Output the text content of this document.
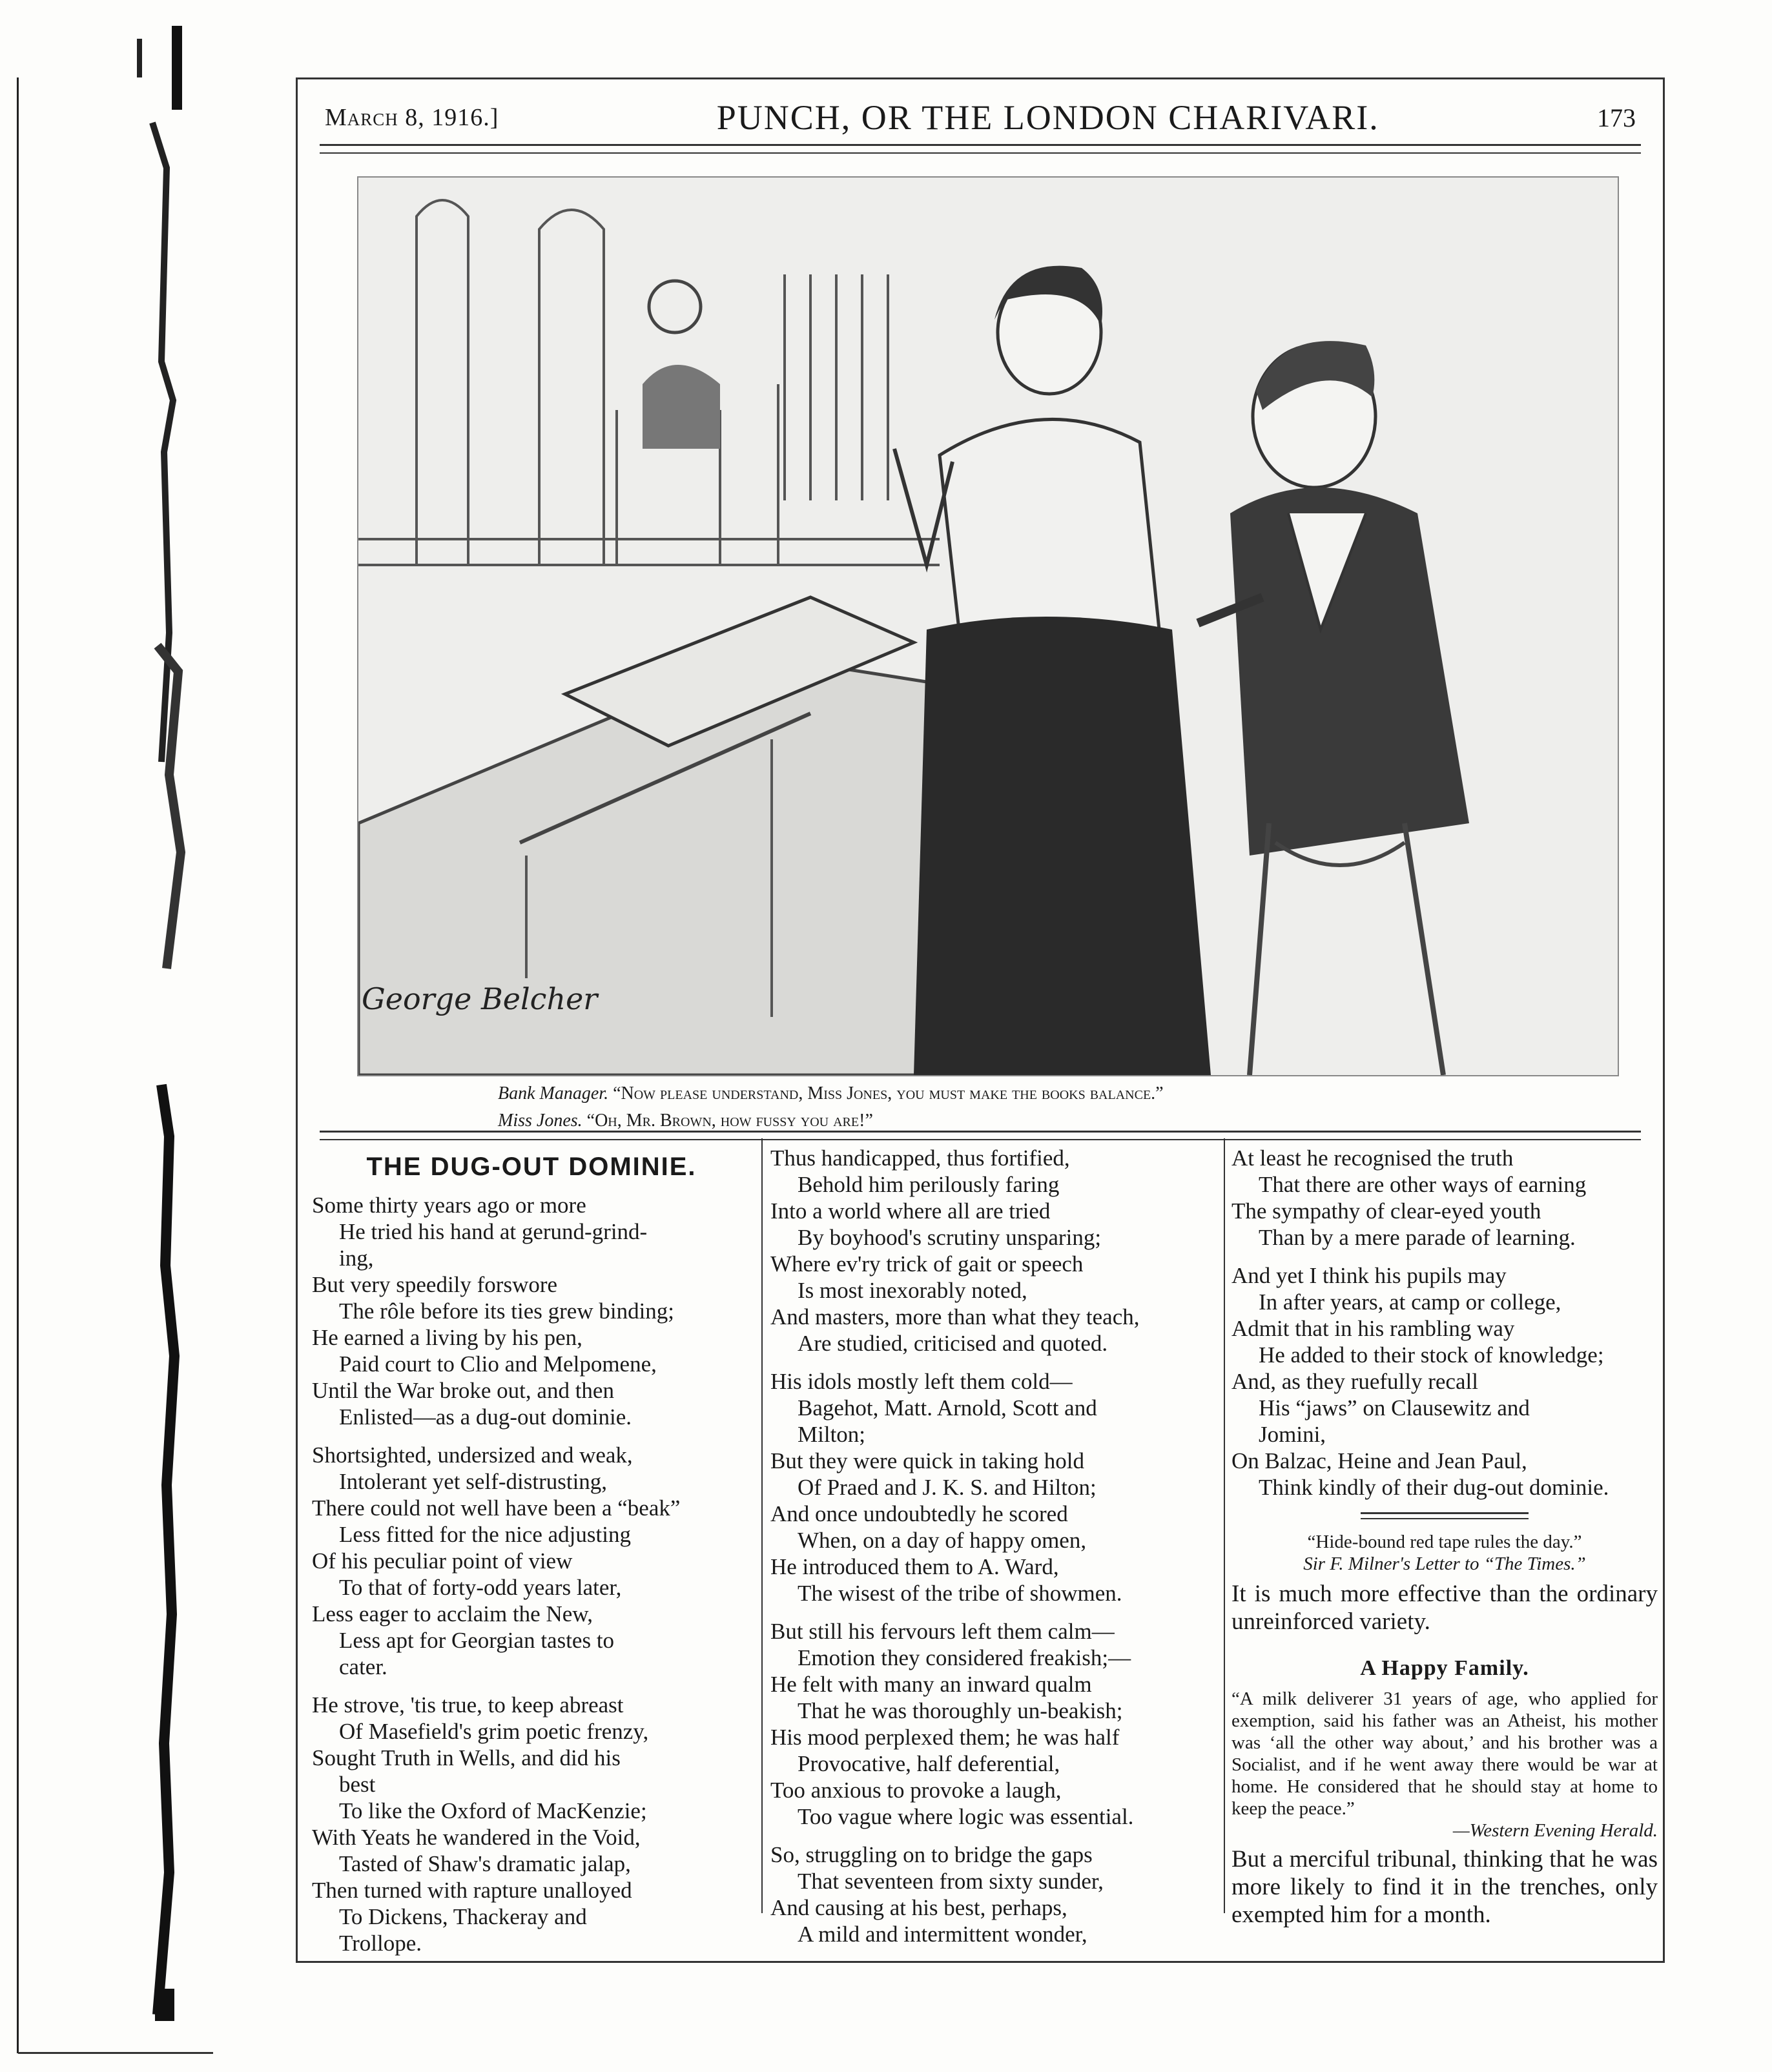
March 8, 1916.]	PUNCH, OR THE LONDON CHARIVARI.	173
Bank Manager. “Now please understand, Miss Jones, you must make the books balance.”
Miss Jones. “Oh, Mr. Brown, how fussy you are!”
THE DUG-OUT DOMINIE.

Some thirty years ago or more

He tried his hand at gerund-grind-

ing,

But very speedily forswore

The rôle before its ties grew binding;

He earned a living by his pen,

Paid court to Clio and Melpomene,

Until the War broke out, and then

Enlisted—as a dug-out dominie.

Shortsighted, undersized and weak,

Intolerant yet self-distrusting,

There could not well have been a “beak”

Less fitted for the nice adjusting

Of his peculiar point of view

To that of forty-odd years later,

Less eager to acclaim the New,

Less apt for Georgian tastes to

cater.

He strove, 'tis true, to keep abreast

Of Masefield's grim poetic frenzy,

Sought Truth in Wells, and did his

best

To like the Oxford of MacKenzie;

With Yeats he wandered in the Void,

Tasted of Shaw's dramatic jalap,

Then turned with rapture unalloyed

To Dickens, Thackeray and

Trollope.

Thus handicapped, thus fortified,

Behold him perilously faring

Into a world where all are tried

By boyhood's scrutiny unsparing;

Where ev'ry trick of gait or speech

Is most inexorably noted,

And masters, more than what they teach,

Are studied, criticised and quoted.

His idols mostly left them cold—

Bagehot, Matt. Arnold, Scott and

Milton;

But they were quick in taking hold

Of Praed and J. K. S. and Hilton;

And once undoubtedly he scored

When, on a day of happy omen,

He introduced them to A. Ward,

The wisest of the tribe of showmen.

But still his fervours left them calm—

Emotion they considered freakish;—

He felt with many an inward qualm

That he was thoroughly un-beakish;

His mood perplexed them; he was half

Provocative, half deferential,

Too anxious to provoke a laugh,

Too vague where logic was essential.

So, struggling on to bridge the gaps

That seventeen from sixty sunder,

And causing at his best, perhaps,

A mild and intermittent wonder,

At least he recognised the truth

That there are other ways of earning

The sympathy of clear-eyed youth

Than by a mere parade of learning.

And yet I think his pupils may

In after years, at camp or college,

Admit that in his rambling way

He added to their stock of knowledge;

And, as they ruefully recall

His “jaws” on Clausewitz and

Jomini,

On Balzac, Heine and Jean Paul,

Think kindly of their dug-out dominie.

“Hide-bound red tape rules the day.”
Sir F. Milner's Letter to “The Times.”
It is much more effective than the ordinary unreinforced variety.
A Happy Family.
“A milk deliverer 31 years of age, who applied for exemption, said his father was an Atheist, his mother was ‘all the other way about,’ and his brother was a Socialist, and if he went away there would be war at home. He considered that he should stay at home to keep the peace.”
—Western Evening Herald.
But a merciful tribunal, thinking that he was more likely to find it in the trenches, only exempted him for a month.
George Belcher
